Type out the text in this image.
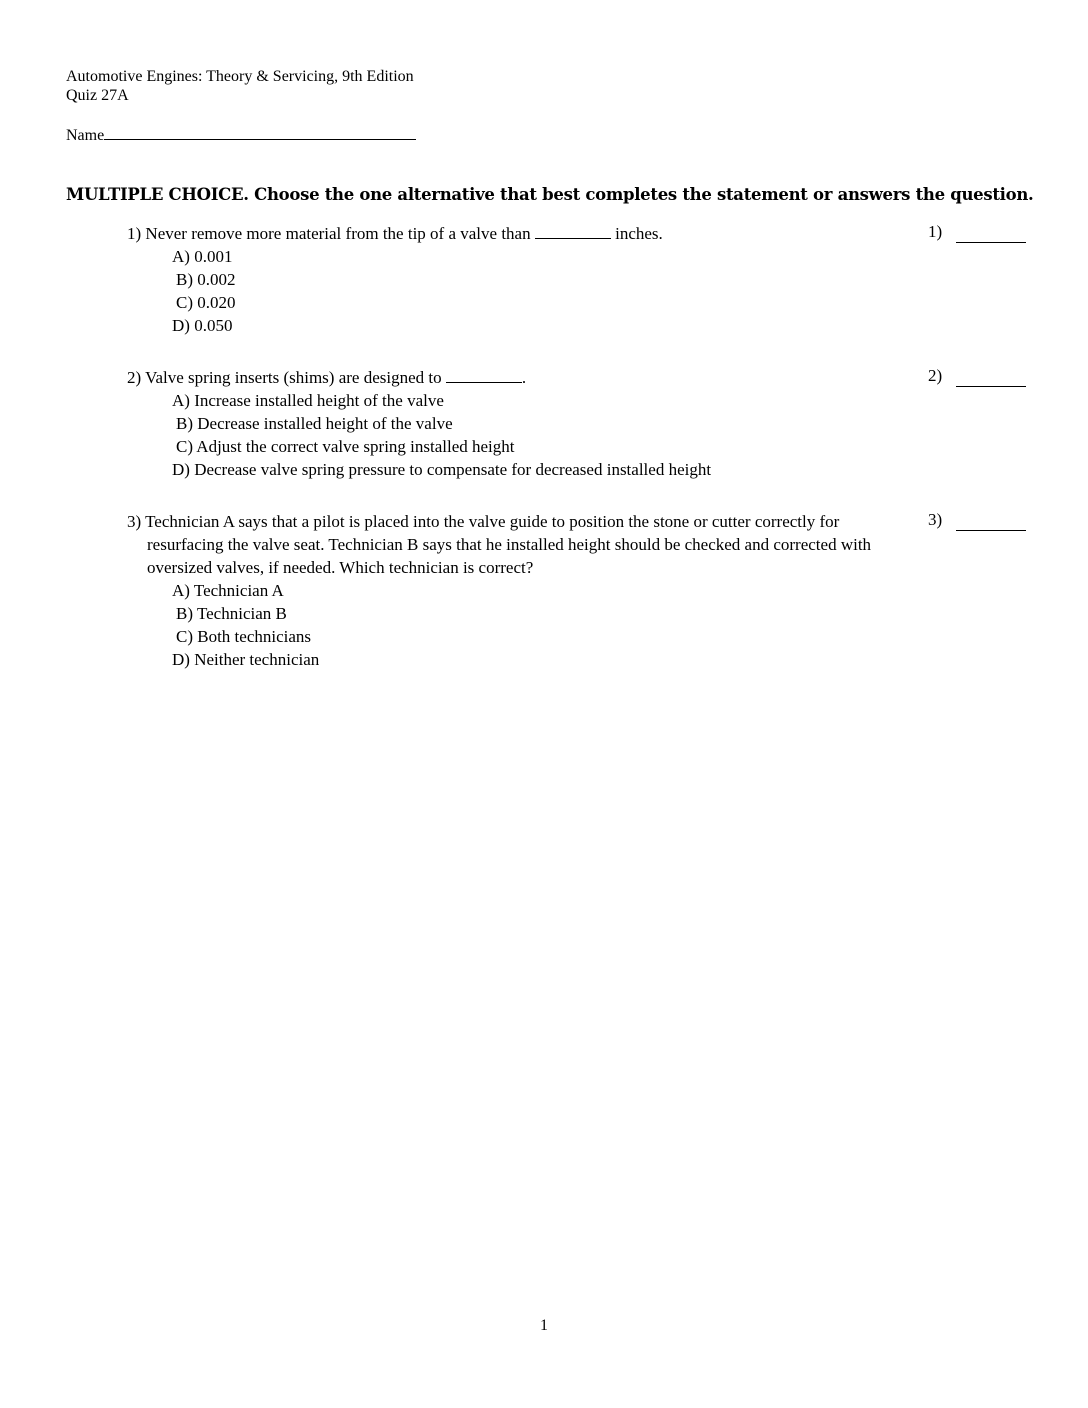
Automotive Engines: Theory & Servicing, 9th Edition
Quiz 27A
Name
MULTIPLE CHOICE. Choose the one alternative that best completes the statement or answers the question.
1) Never remove more material from the tip of a valve than	inches.
A) 0.001
B) 0.002
C) 0.020
D) 0.050
1)
2) Valve spring inserts (shims) are designed to	.
A) Increase installed height of the valve
B) Decrease installed height of the valve
C) Adjust the correct valve spring installed height
D) Decrease valve spring pressure to compensate for decreased installed height
2)
3) Technician A says that a pilot is placed into the valve guide to position the stone or cutter correctly for resurfacing the valve seat. Technician B says that he installed height should be checked and corrected with oversized valves, if needed. Which technician is correct?
A) Technician A
B) Technician B
C) Both technicians
D) Neither technician
3)
1
